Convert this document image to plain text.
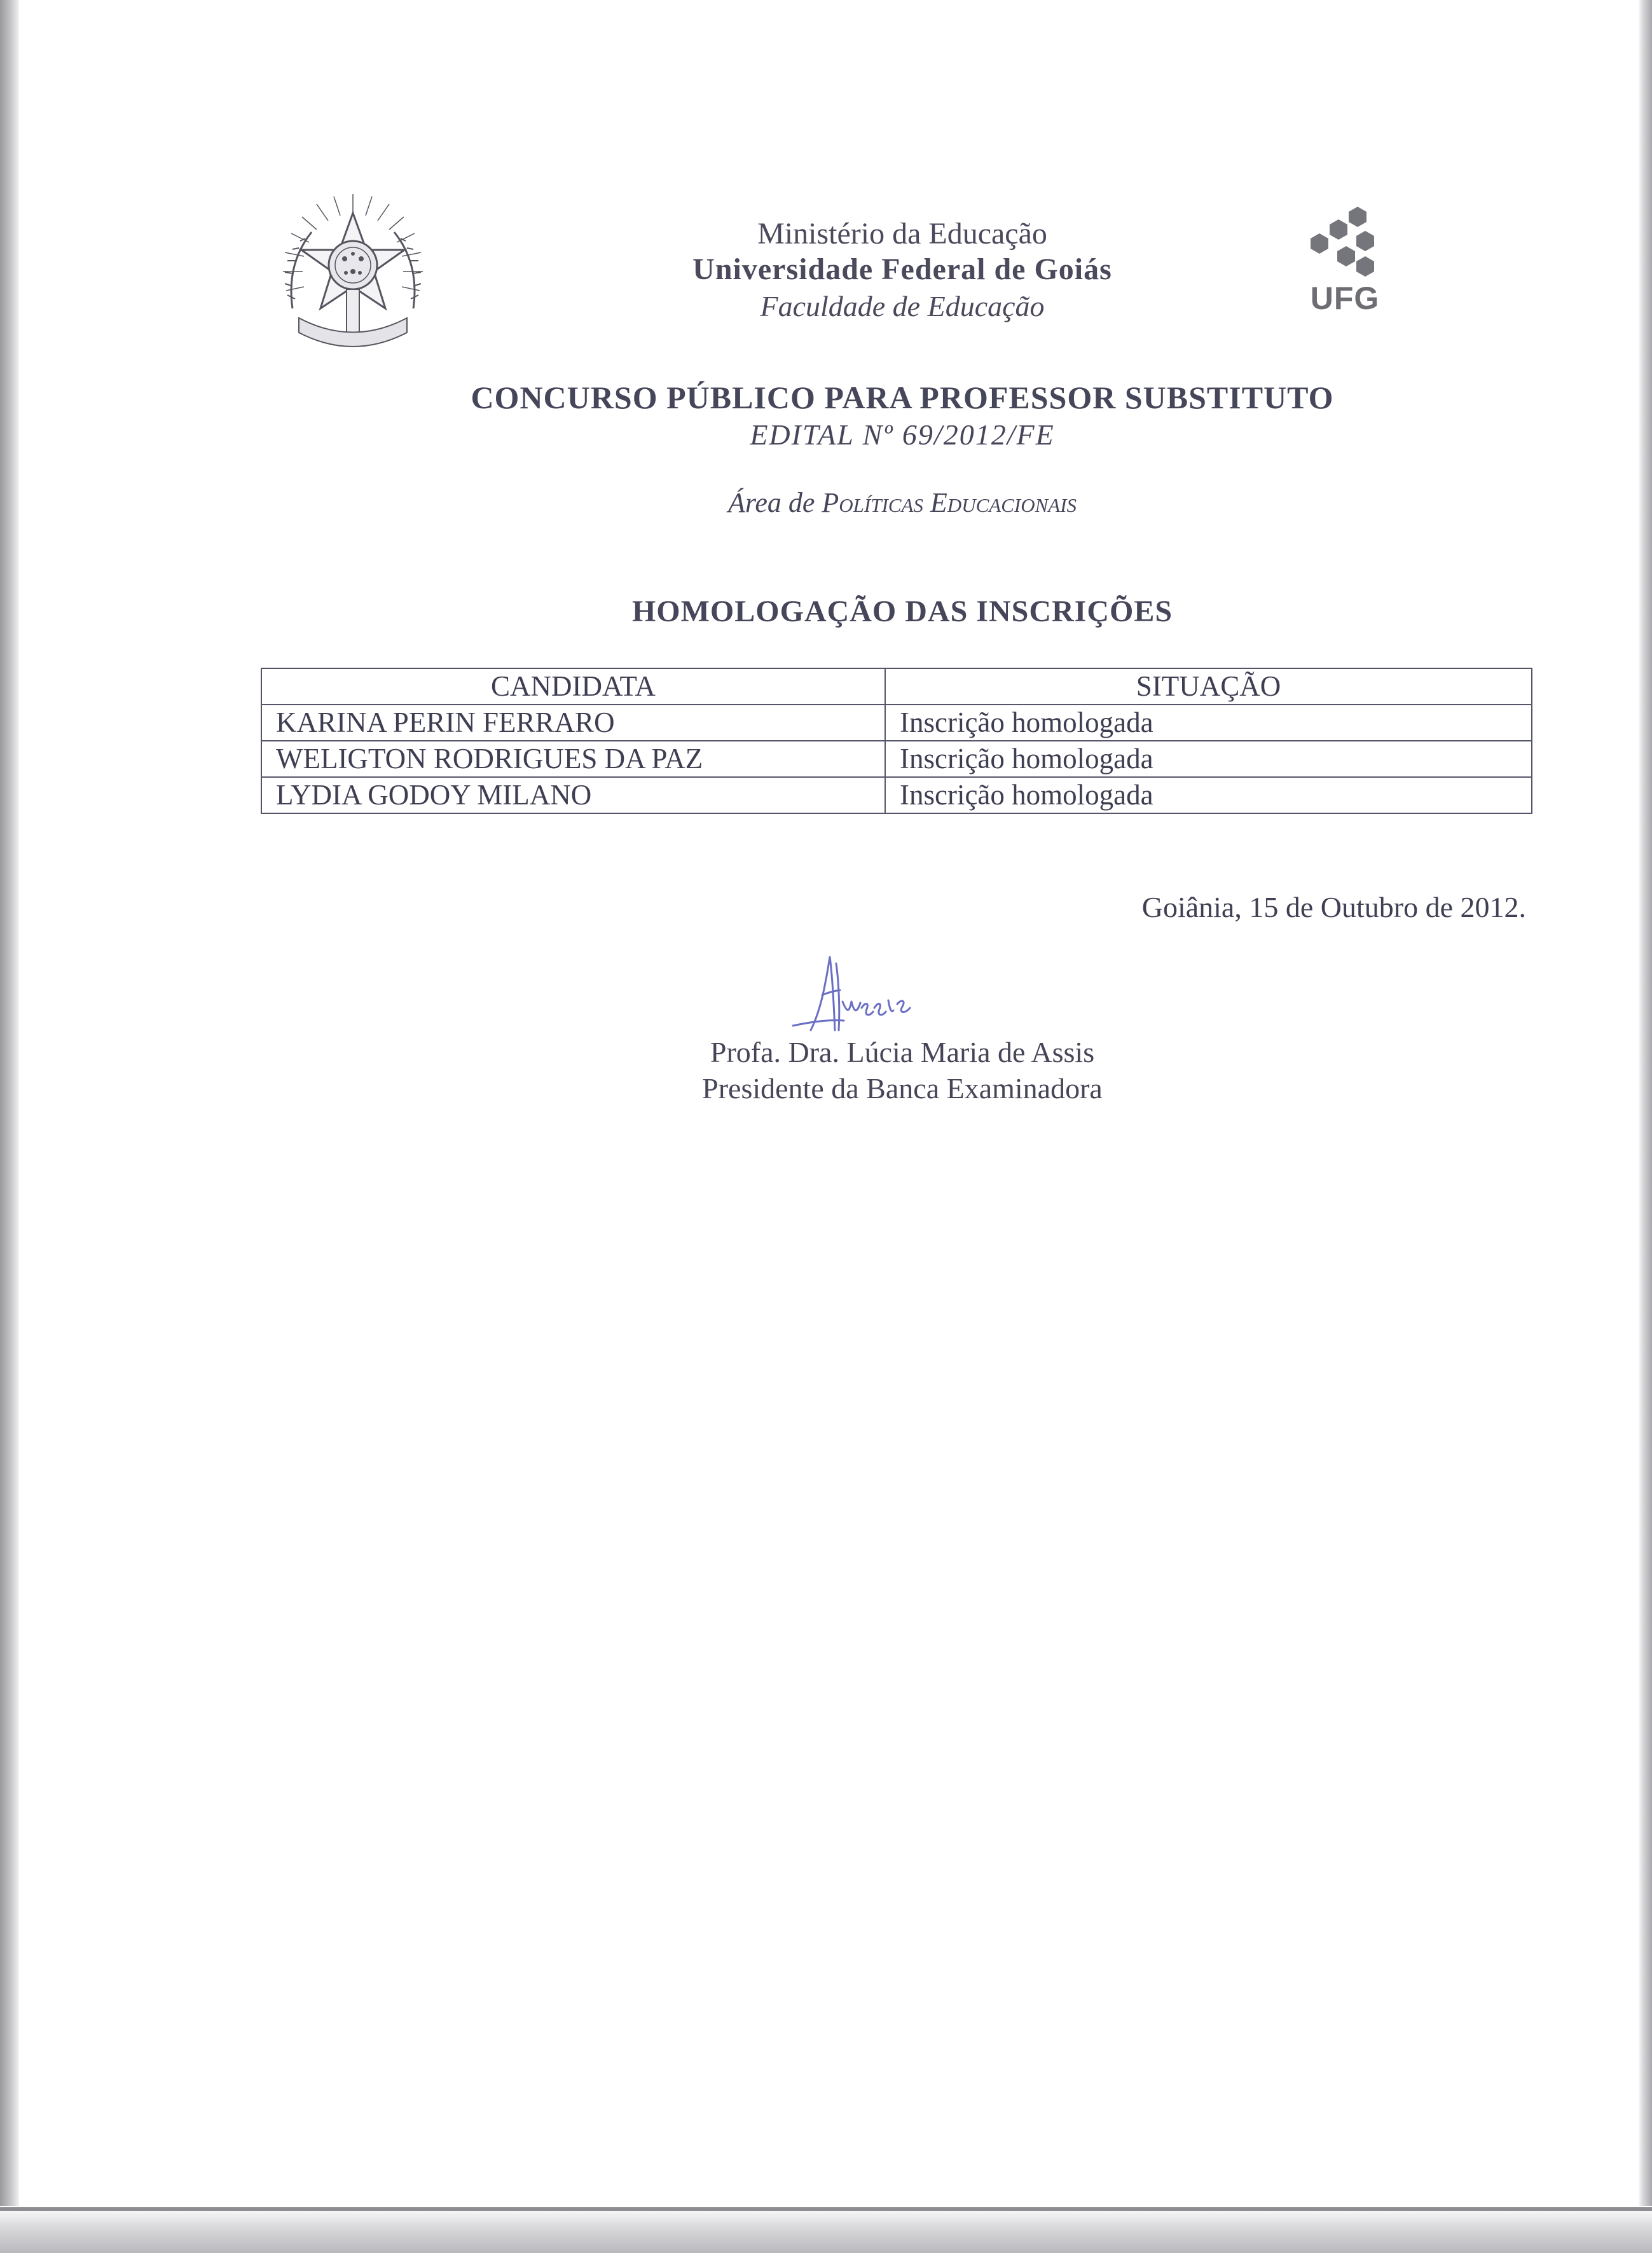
UFG
Ministério da Educação
Universidade Federal de Goiás
Faculdade de Educação
CONCURSO PÚBLICO PARA PROFESSOR SUBSTITUTO
EDITAL Nº 69/2012/FE
Área de Políticas Educacionais
HOMOLOGAÇÃO DAS INSCRIÇÕES
CANDIDATA	SITUAÇÃO
KARINA PERIN FERRARO	Inscrição homologada
WELIGTON RODRIGUES DA PAZ	Inscrição homologada
LYDIA GODOY MILANO	Inscrição homologada
Goiânia, 15 de Outubro de 2012.
Profa. Dra. Lúcia Maria de Assis
Presidente da Banca Examinadora
